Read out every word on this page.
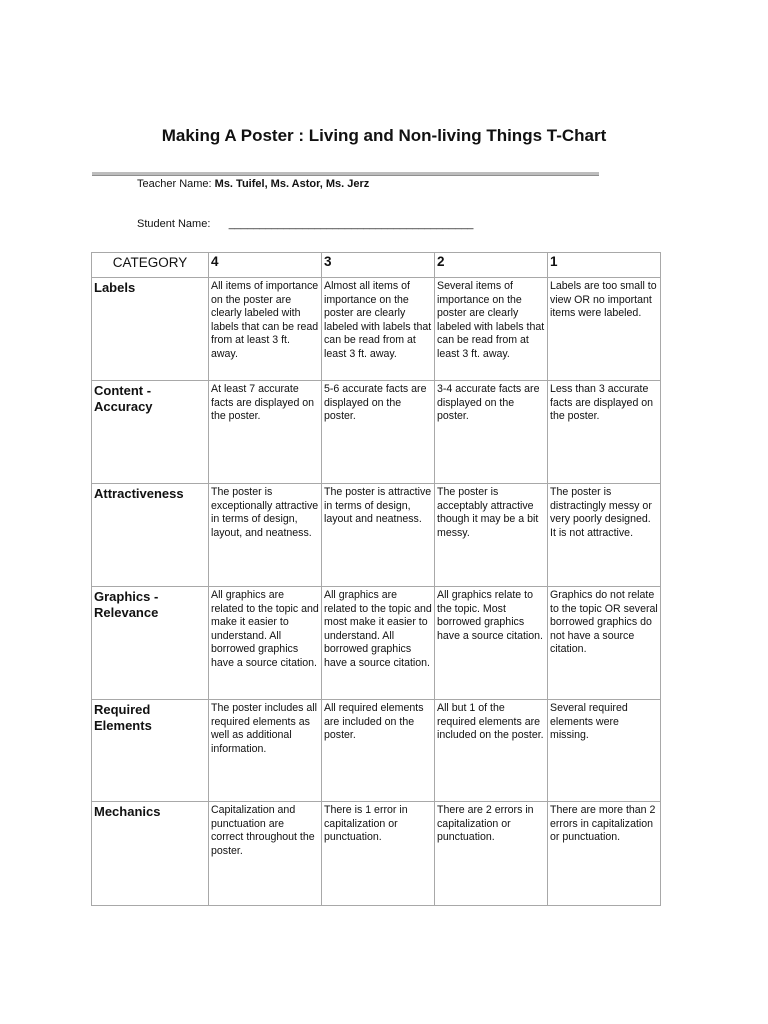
Making A Poster : Living and Non-living Things T-Chart
Teacher Name: Ms. Tuifel, Ms. Astor, Ms. Jerz
Student Name: ________________________________________
CATEGORY	4	3	2	1

Labels	All items of importance on the poster are clearly labeled with labels that can be read from at least 3 ft. away.	Almost all items of importance on the poster are clearly labeled with labels that can be read from at least 3 ft. away.	Several items of importance on the poster are clearly labeled with labels that can be read from at least 3 ft. away.	Labels are too small to view OR no important items were labeled.

Content -
Accuracy	At least 7 accurate facts are displayed on the poster.	5-6 accurate facts are displayed on the poster.	3-4 accurate facts are displayed on the poster.	Less than 3 accurate facts are displayed on the poster.

Attractiveness	The poster is exceptionally attractive in terms of design, layout, and neatness.	The poster is attractive in terms of design, layout and neatness.	The poster is acceptably attractive though it may be a bit messy.	The poster is distractingly messy or very poorly designed. It is not attractive.

Graphics -
Relevance	All graphics are related to the topic and make it easier to understand. All borrowed graphics have a source citation.	All graphics are related to the topic and most make it easier to understand. All borrowed graphics have a source citation.	All graphics relate to the topic. Most borrowed graphics have a source citation.	Graphics do not relate to the topic OR several borrowed graphics do not have a source citation.

Required
Elements	The poster includes all required elements as well as additional information.	All required elements are included on the poster.	All but 1 of the required elements are included on the poster.	Several required elements were missing.

Mechanics	Capitalization and punctuation are correct throughout the poster.	There is 1 error in capitalization or punctuation.	There are 2 errors in capitalization or punctuation.	There are more than 2 errors in capitalization or punctuation.
